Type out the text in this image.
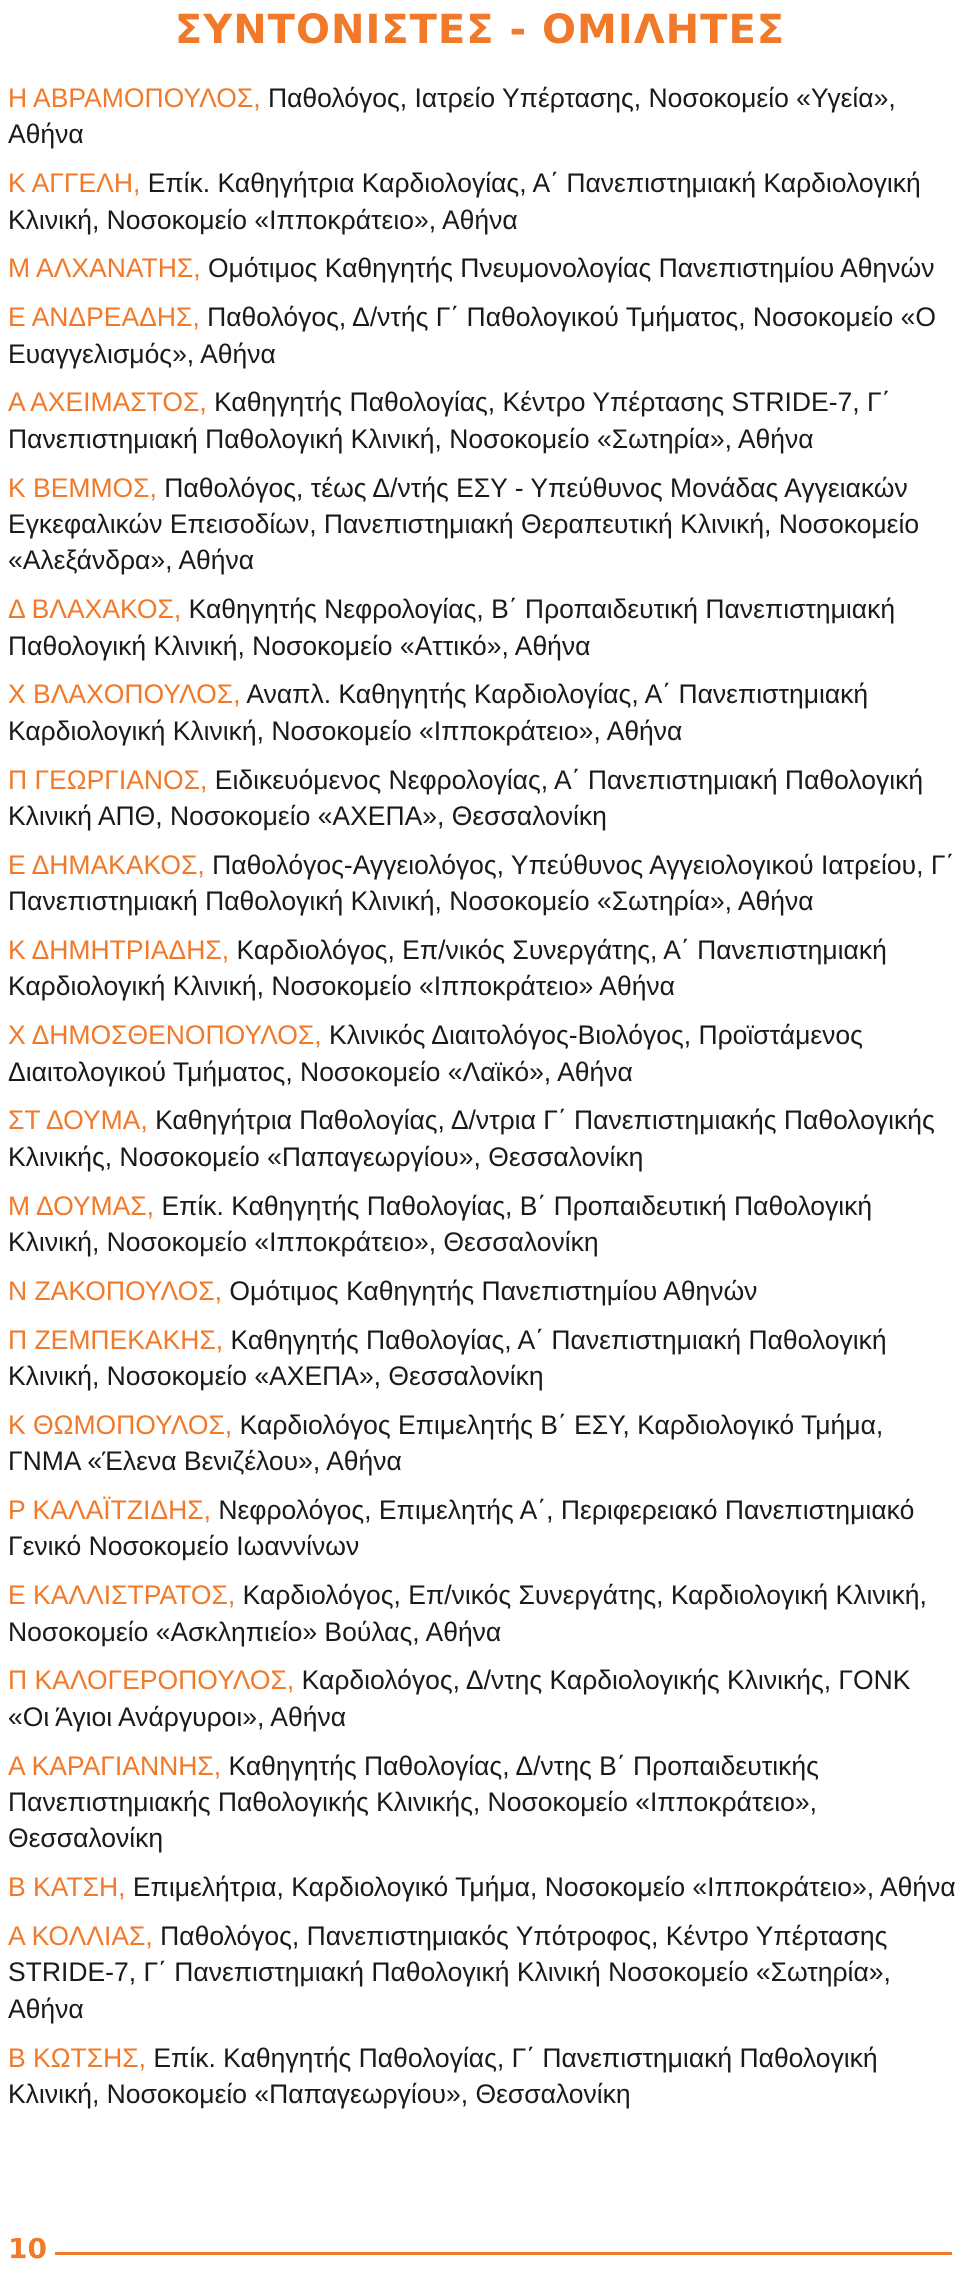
ΣΥΝΤΟΝΙΣΤΕΣ - ΟΜΙΛΗΤΕΣ
Η ΑΒΡΑΜΟΠΟΥΛΟΣ, Παθολόγος, Ιατρείο Υπέρτασης, Νοσοκομείο «Υγεία», Αθήνα
Κ ΑΓΓΕΛΗ, Επίκ. Καθηγήτρια Καρδιολογίας, Α΄ Πανεπιστημιακή Καρδιολογική Κλινική, Νοσοκομείο «Ιπποκράτειο», Αθήνα
Μ ΑΛΧΑΝΑΤΗΣ, Ομότιμος Καθηγητής Πνευμονολογίας Πανεπιστημίου Αθηνών
Ε ΑΝΔΡΕΑΔΗΣ, Παθολόγος, Δ/ντής Γ΄ Παθολογικού Τμήματος, Νοσοκομείο «Ο Ευαγγελισμός», Αθήνα
Α ΑΧΕΙΜΑΣΤΟΣ, Καθηγητής Παθολογίας, Κέντρο Υπέρτασης STRIDE-7, Γ΄ Πανεπιστημιακή Παθολογική Κλινική, Νοσοκομείο «Σωτηρία», Αθήνα
Κ ΒΕΜΜΟΣ, Παθολόγος, τέως Δ/ντής ΕΣΥ - Υπεύθυνος Μονάδας Αγγειακών Εγκεφαλικών Επεισοδίων, Πανεπιστημιακή Θεραπευτική Κλινική, Νοσοκομείο «Αλεξάνδρα», Αθήνα
Δ ΒΛΑΧΑΚΟΣ, Καθηγητής Νεφρολογίας, Β΄ Προπαιδευτική Πανεπιστημιακή Παθολογική Κλινική, Νοσοκομείο «Αττικό», Αθήνα
Χ ΒΛΑΧΟΠΟΥΛΟΣ, Αναπλ. Καθηγητής Καρδιολογίας, Α΄ Πανεπιστημιακή Καρδιολογική Κλινική, Νοσοκομείο «Ιπποκράτειο», Αθήνα
Π ΓΕΩΡΓΙΑΝΟΣ, Ειδικευόμενος Νεφρολογίας, Α΄ Πανεπιστημιακή Παθολογική Κλινική ΑΠΘ, Νοσοκομείο «ΑΧΕΠΑ», Θεσσαλονίκη
Ε ΔΗΜΑΚΑΚΟΣ, Παθολόγος-Αγγειολόγος, Υπεύθυνος Αγγειολογικού Ιατρείου, Γ΄ Πανεπιστημιακή Παθολογική Κλινική, Νοσοκομείο «Σωτηρία», Αθήνα
Κ ΔΗΜΗΤΡΙΑΔΗΣ, Καρδιολόγος, Επ/νικός Συνεργάτης, Α΄ Πανεπιστημιακή Καρδιολογική Κλινική, Νοσοκομείο «Ιπποκράτειο» Αθήνα
Χ ΔΗΜΟΣΘΕΝΟΠΟΥΛΟΣ, Κλινικός Διαιτολόγος-Βιολόγος, Προϊστάμενος Διαιτολογικού Τμήματος, Νοσοκομείο «Λαϊκό», Αθήνα
ΣΤ ΔΟΥΜΑ, Καθηγήτρια Παθολογίας, Δ/ντρια Γ΄ Πανεπιστημιακής Παθολογικής Κλινικής, Νοσοκομείο «Παπαγεωργίου», Θεσσαλονίκη
Μ ΔΟΥΜΑΣ, Επίκ. Καθηγητής Παθολογίας, Β΄ Προπαιδευτική Παθολογική Κλινική, Νοσοκομείο «Ιπποκράτειο», Θεσσαλονίκη
Ν ΖΑΚΟΠΟΥΛΟΣ, Ομότιμος Καθηγητής Πανεπιστημίου Αθηνών
Π ΖΕΜΠΕΚΑΚΗΣ, Καθηγητής Παθολογίας, Α΄ Πανεπιστημιακή Παθολογική Κλινική, Νοσοκομείο «ΑΧΕΠΑ», Θεσσαλονίκη
Κ ΘΩΜΟΠΟΥΛΟΣ, Καρδιολόγος Επιμελητής Β΄ ΕΣΥ, Καρδιολογικό Τμήμα, ΓΝΜΑ «Έλενα Βενιζέλου», Αθήνα
Ρ ΚΑΛΑΪΤΖΙΔΗΣ, Νεφρολόγος, Επιμελητής Α΄, Περιφερειακό Πανεπιστημιακό Γενικό Νοσοκομείο Ιωαννίνων
Ε ΚΑΛΛΙΣΤΡΑΤΟΣ, Καρδιολόγος, Επ/νικός Συνεργάτης, Καρδιολογική Κλινική, Νοσοκομείο «Ασκληπιείο» Βούλας, Αθήνα
Π ΚΑΛΟΓΕΡΟΠΟΥΛΟΣ, Καρδιολόγος, Δ/ντης Καρδιολογικής Κλινικής, ΓΟΝΚ «Οι Άγιοι Ανάργυροι», Αθήνα
Α ΚΑΡΑΓΙΑΝΝΗΣ, Καθηγητής Παθολογίας, Δ/ντης Β΄ Προπαιδευτικής Πανεπιστημιακής Παθολογικής Κλινικής, Νοσοκομείο «Ιπποκράτειο», Θεσσαλονίκη
Β ΚΑΤΣΗ, Επιμελήτρια, Καρδιολογικό Τμήμα, Νοσοκομείο «Ιπποκράτειο», Αθήνα
Α ΚΟΛΛΙΑΣ, Παθολόγος, Πανεπιστημιακός Υπότροφος, Κέντρο Υπέρτασης STRIDE-7, Γ΄ Πανεπιστημιακή Παθολογική Κλινική Νοσοκομείο «Σωτηρία», Αθήνα
Β ΚΩΤΣΗΣ, Επίκ. Καθηγητής Παθολογίας, Γ΄ Πανεπιστημιακή Παθολογική Κλινική, Νοσοκομείο «Παπαγεωργίου», Θεσσαλονίκη
10
